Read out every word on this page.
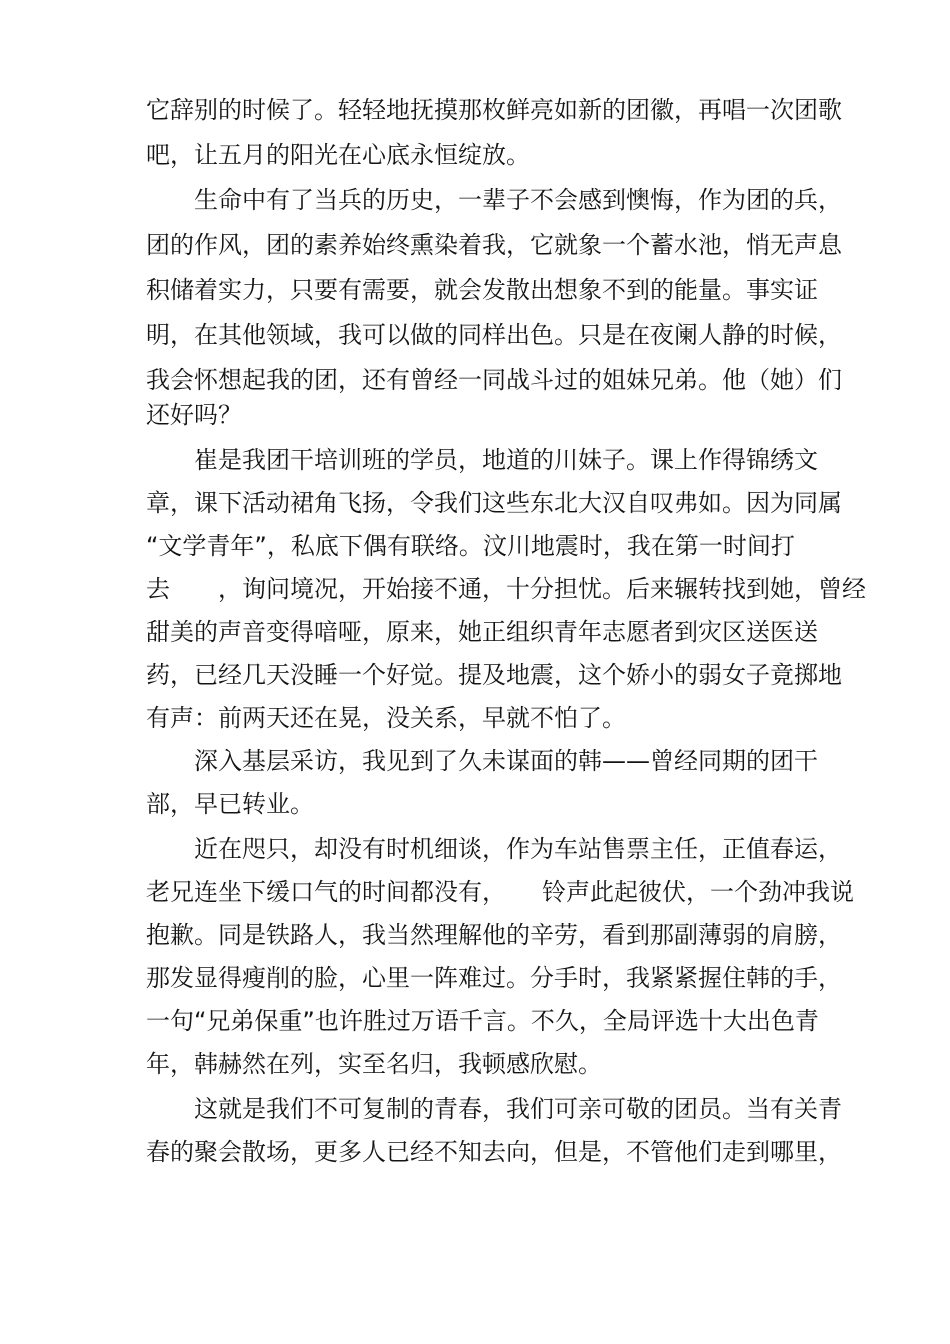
它辞别的时候了。轻轻地抚摸那枚鲜亮如新的团徽，再唱一次团歌
吧，让五月的阳光在心底永恒绽放。
　　生命中有了当兵的历史，一辈子不会感到懊悔，作为团的兵，
团的作风，团的素养始终熏染着我，它就象一个蓄水池，悄无声息
积储着实力，只要有需要，就会发散出想象不到的能量。事实证
明，在其他领域，我可以做的同样出色。只是在夜阑人静的时候，
我会怀想起我的团，还有曾经一同战斗过的姐妹兄弟。他（她）们
还好吗？
　　崔是我团干培训班的学员，地道的川妹子。课上作得锦绣文
章，课下活动裙角飞扬，令我们这些东北大汉自叹弗如。因为同属
“文学青年”，私底下偶有联络。汶川地震时，我在第一时间打
去　　，询问境况，开始接不通，十分担忧。后来辗转找到她，曾经
甜美的声音变得喑哑，原来，她正组织青年志愿者到灾区送医送
药，已经几天没睡一个好觉。提及地震，这个娇小的弱女子竟掷地
有声：前两天还在晃，没关系，早就不怕了。
　　深入基层采访，我见到了久未谋面的韩——曾经同期的团干
部，早已转业。
　　近在咫只，却没有时机细谈，作为车站售票主任，正值春运，
老兄连坐下缓口气的时间都没有，　　铃声此起彼伏，一个劲冲我说
抱歉。同是铁路人，我当然理解他的辛劳，看到那副薄弱的肩膀，
那发显得瘦削的脸，心里一阵难过。分手时，我紧紧握住韩的手，
一句“兄弟保重”也许胜过万语千言。不久，全局评选十大出色青
年，韩赫然在列，实至名归，我顿感欣慰。
　　这就是我们不可复制的青春，我们可亲可敬的团员。当有关青
春的聚会散场，更多人已经不知去向，但是，不管他们走到哪里，
